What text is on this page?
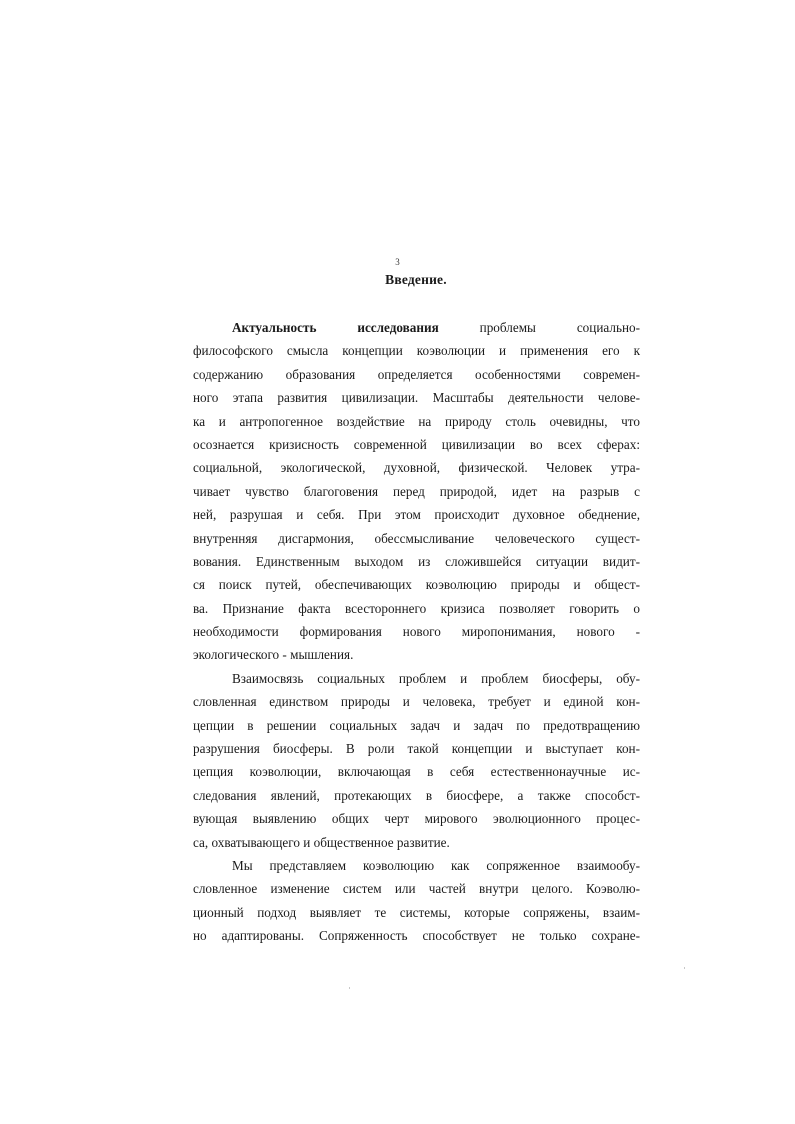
3
Введение.
Актуальность исследования	проблемы социально-
философского смысла концепции коэволюции и применения его к
содержанию образования определяется особенностями современ-
ного этапа развития цивилизации. Масштабы деятельности челове-
ка и антропогенное воздействие на природу столь очевидны, что
осознается кризисность современной цивилизации во всех сферах:
социальной, экологической, духовной, физической. Человек утра-
чивает чувство благоговения перед природой, идет на разрыв с
ней, разрушая и себя. При этом происходит духовное обеднение,
внутренняя дисгармония, обессмысливание человеческого сущест-
вования. Единственным выходом из сложившейся ситуации видит-
ся поиск путей, обеспечивающих коэволюцию природы и общест-
ва. Признание факта всестороннего кризиса позволяет говорить о
необходимости формирования нового миропонимания, нового -
экологического - мышления.
Взаимосвязь социальных проблем и проблем биосферы, обу-
словленная единством природы и человека, требует и единой кон-
цепции в решении социальных задач и задач по предотвращению
разрушения биосферы. В роли такой концепции и выступает кон-
цепция коэволюции, включающая в себя естественнонаучные ис-
следования явлений, протекающих в биосфере, а также способст-
вующая выявлению общих черт мирового эволюционного процес-
са, охватывающего и общественное развитие.
Мы представляем коэволюцию как сопряженное взаимообу-
словленное изменение систем или частей внутри целого. Коэволю-
ционный подход выявляет те системы, которые сопряжены, взаим-
но адаптированы. Сопряженность способствует не только сохране-
